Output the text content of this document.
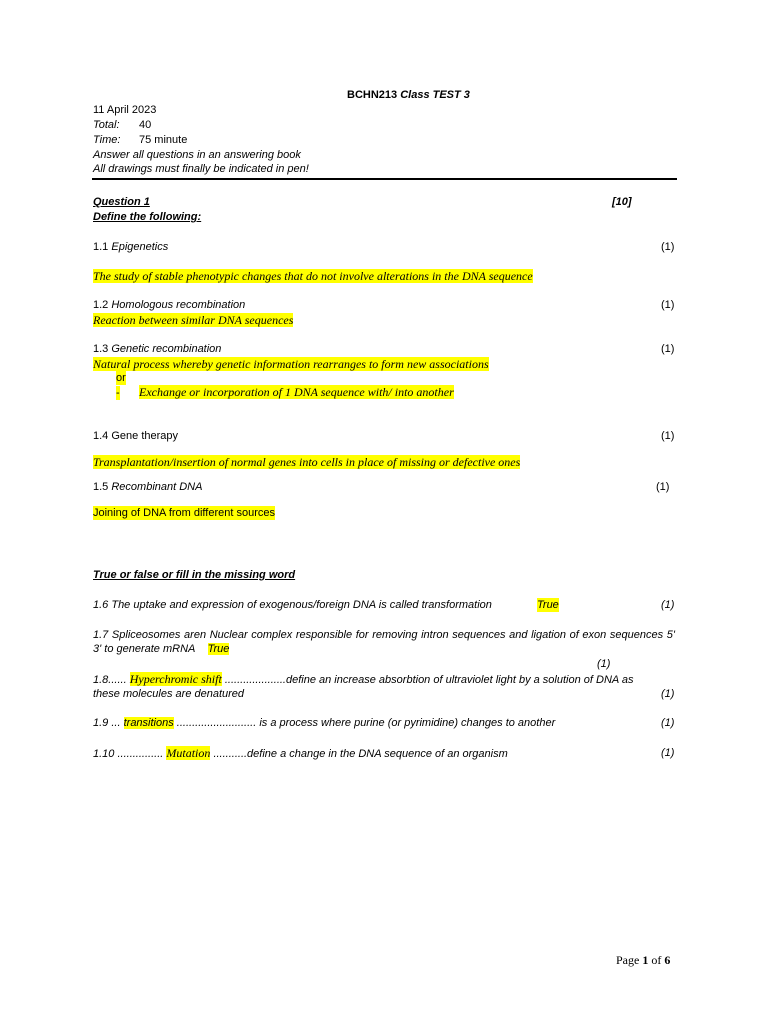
BCHN213 Class TEST 3
11 April 2023
Total: 40
Time: 75 minute
Answer all questions in an answering book
All drawings must finally be indicated in pen!
Question 1	[10]
Define the following:
1.1 Epigenetics	(1)
The study of stable phenotypic changes that do not involve alterations in the DNA sequence
1.2 Homologous recombination	(1)
Reaction between similar DNA sequences
1.3 Genetic recombination	(1)
Natural process whereby genetic information rearranges to form new associations
or
- Exchange or incorporation of 1 DNA sequence with/ into another
1.4 Gene therapy	(1)
Transplantation/insertion of normal genes into cells in place of missing or defective ones
1.5 Recombinant DNA	(1)
Joining of DNA from different sources
True or false or fill in the missing word
1.6 The uptake and expression of exogenous/foreign DNA is called transformation	True	(1)
1.7 Spliceosomes aren Nuclear complex responsible for removing intron sequences and ligation of exon sequences 5' 3' to generate mRNA True
(1)
1.8...... Hyperchromic shift ....................define an increase absorbtion of ultraviolet light by a solution of DNA as
these molecules are denatured	(1)
1.9 ... transitions .......................... is a process where purine (or pyrimidine) changes to another	(1)
1.10 ............... Mutation ...........define a change in the DNA sequence of an organism	(1)
Page 1 of 6
